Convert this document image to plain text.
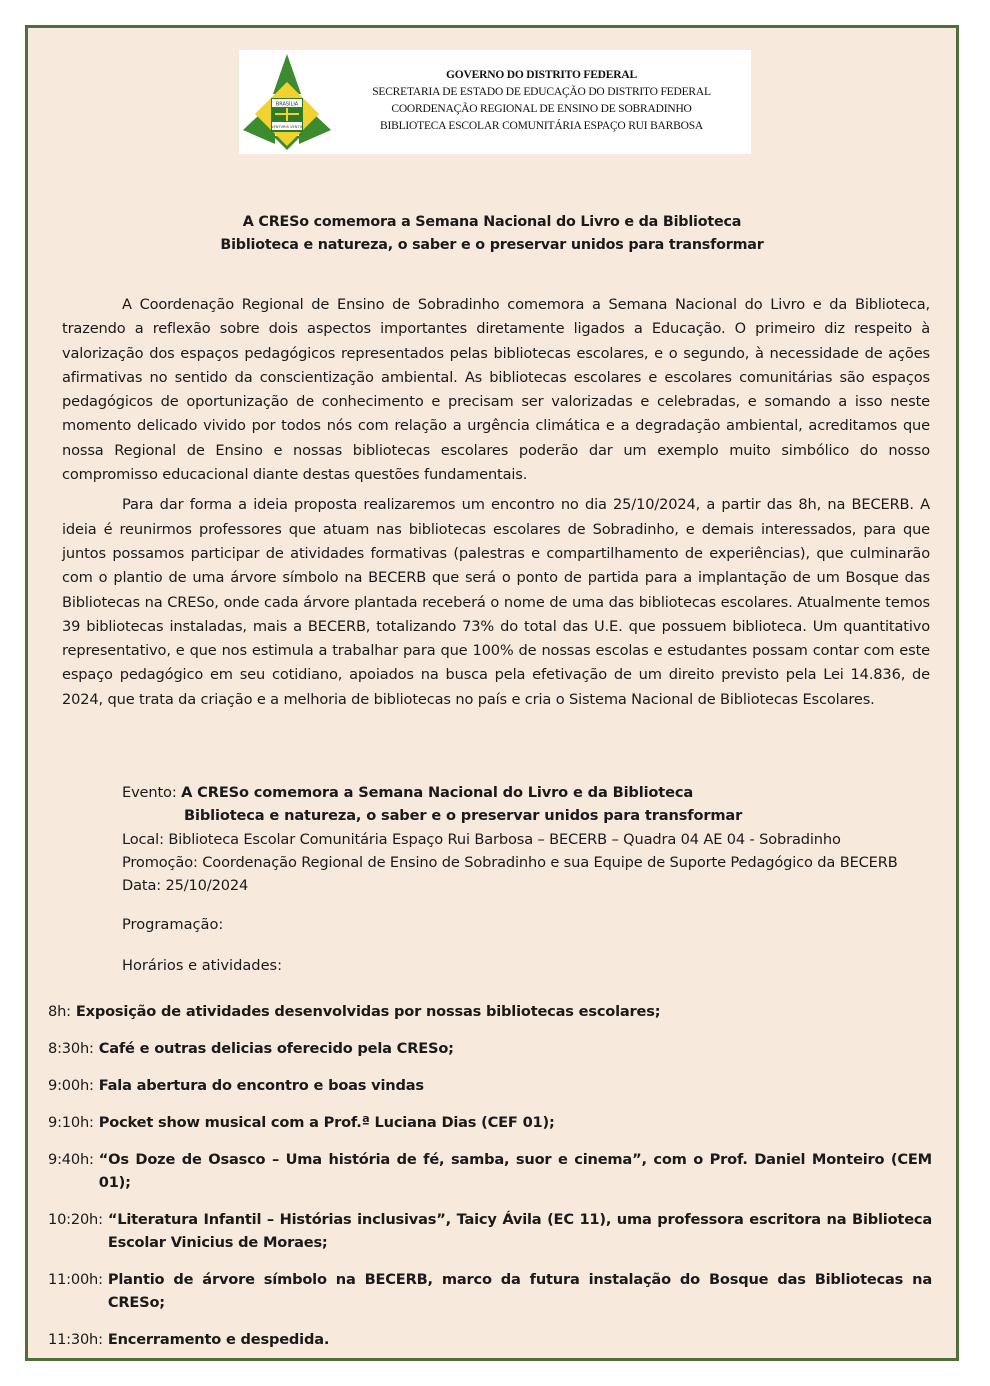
BRASÍLIA
VENTVRIS VENTIS
GOVERNO DO DISTRITO FEDERAL
SECRETARIA DE ESTADO DE EDUCAÇÃO DO DISTRITO FEDERAL
COORDENAÇÃO REGIONAL DE ENSINO DE SOBRADINHO
BIBLIOTECA ESCOLAR COMUNITÁRIA ESPAÇO RUI BARBOSA
A CRESo comemora a Semana Nacional do Livro e da Biblioteca
Biblioteca e natureza, o saber e o preservar unidos para transformar

A Coordenação Regional de Ensino de Sobradinho comemora a Semana Nacional do Livro e da Biblioteca, trazendo a reflexão sobre dois aspectos importantes diretamente ligados a Educação. O primeiro diz respeito à valorização dos espaços pedagógicos representados pelas bibliotecas escolares, e o segundo, à necessidade de ações afirmativas no sentido da conscientização ambiental. As bibliotecas escolares e escolares comunitárias são espaços pedagógicos de oportunização de conhecimento e precisam ser valorizadas e celebradas, e somando a isso neste momento delicado vivido por todos nós com relação a urgência climática e a degradação ambiental, acreditamos que nossa Regional de Ensino e nossas bibliotecas escolares poderão dar um exemplo muito simbólico do nosso compromisso educacional diante destas questões fundamentais.

Para dar forma a ideia proposta realizaremos um encontro no dia 25/10/2024, a partir das 8h, na BECERB. A ideia é reunirmos professores que atuam nas bibliotecas escolares de Sobradinho, e demais interessados, para que juntos possamos participar de atividades formativas (palestras e compartilhamento de experiências), que culminarão com o plantio de uma árvore símbolo na BECERB que será o ponto de partida para a implantação de um Bosque das Bibliotecas na CRESo, onde cada árvore plantada receberá o nome de uma das bibliotecas escolares. Atualmente temos 39 bibliotecas instaladas, mais a BECERB, totalizando 73% do total das U.E. que possuem biblioteca. Um quantitativo representativo, e que nos estimula a trabalhar para que 100% de nossas escolas e estudantes possam contar com este espaço pedagógico em seu cotidiano, apoiados na busca pela efetivação de um direito previsto pela Lei 14.836, de 2024, que trata da criação e a melhoria de bibliotecas no país e cria o Sistema Nacional de Bibliotecas Escolares.

Evento: A CRESo comemora a Semana Nacional do Livro e da Biblioteca
Biblioteca e natureza, o saber e o preservar unidos para transformar
Local: Biblioteca Escolar Comunitária Espaço Rui Barbosa – BECERB – Quadra 04 AE 04 - Sobradinho
Promoção: Coordenação Regional de Ensino de Sobradinho e sua Equipe de Suporte Pedagógico da BECERB
Data: 25/10/2024
Programação:
Horários e atividades:
8h: Exposição de atividades desenvolvidas por nossas bibliotecas escolares;
8:30h: Café e outras delicias oferecido pela CRESo;
9:00h: Fala abertura do encontro e boas vindas
9:10h: Pocket show musical com a Prof.ª Luciana Dias (CEF 01);
9:40h: “Os Doze de Osasco – Uma história de fé, samba, suor e cinema”, com o Prof. Daniel Monteiro (CEM 01);
10:20h: “Literatura Infantil – Histórias inclusivas”, Taicy Ávila (EC 11), uma professora escritora na Biblioteca Escolar Vinicius de Moraes;
11:00h: Plantio de árvore símbolo na BECERB, marco da futura instalação do Bosque das Bibliotecas na CRESo;
11:30h: Encerramento e despedida.
